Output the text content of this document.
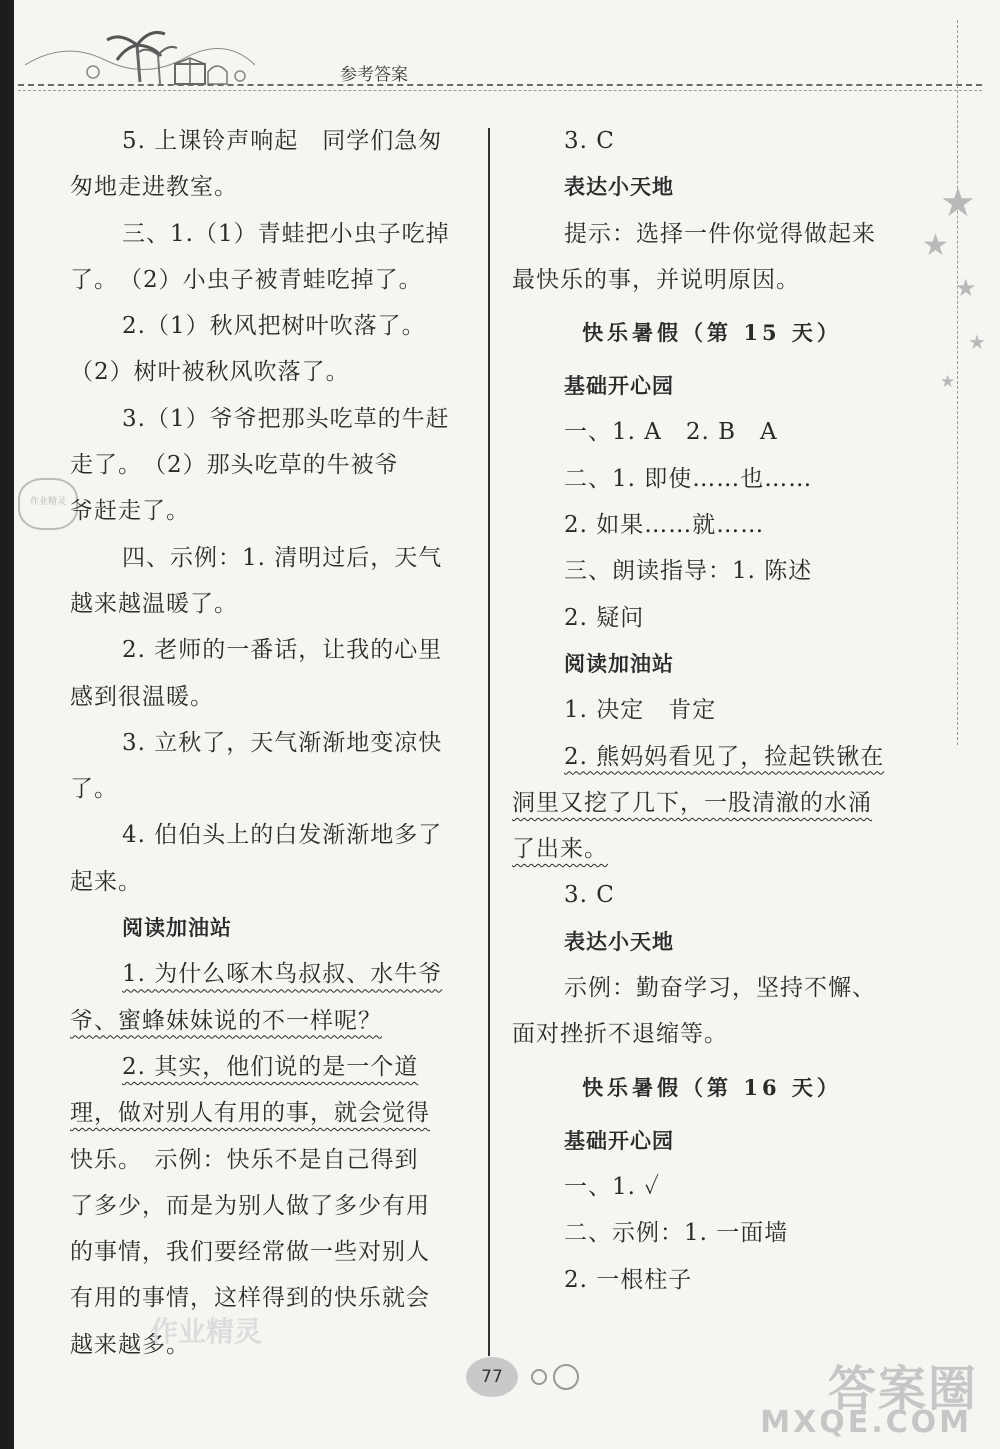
参考答案
★
★
★
★
★
作业精灵
5. 上课铃声响起　同学们急匆
匆地走进教室。
三、1.（1）青蛙把小虫子吃掉
了。　（2）小虫子被青蛙吃掉了。
2.（1）秋风把树叶吹落了。
（2）树叶被秋风吹落了。
3.（1）爷爷把那头吃草的牛赶
走了。　（2）那头吃草的牛被爷
爷赶走了。
四、示例：1. 清明过后，天气
越来越温暖了。
2. 老师的一番话，让我的心里
感到很温暖。
3. 立秋了，天气渐渐地变凉快
了。
4. 伯伯头上的白发渐渐地多了
起来。
阅读加油站
1. 为什么啄木鸟叔叔、水牛爷
爷、蜜蜂妹妹说的不一样呢？
2. 其实，他们说的是一个道
理，做对别人有用的事，就会觉得
快乐。　示例：快乐不是自己得到
了多少，而是为别人做了多少有用
的事情，我们要经常做一些对别人
有用的事情，这样得到的快乐就会
越来越多。
3. C
表达小天地
提示：选择一件你觉得做起来
最快乐的事，并说明原因。
快乐暑假（第 15 天）
基础开心园
一、1. A　2. B　A
二、1. 即使……也……
2. 如果……就……
三、朗读指导：1. 陈述
2. 疑问
阅读加油站
1. 决定　肯定
2. 熊妈妈看见了，捡起铁锹在
洞里又挖了几下，一股清澈的水涌
了出来。
3. C
表达小天地
示例：勤奋学习，坚持不懈、
面对挫折不退缩等。
快乐暑假（第 16 天）
基础开心园
一、1. ✓
二、示例：1. 一面墙
2. 一根柱子
77
作业精灵
答案圈
MXQE.COM
